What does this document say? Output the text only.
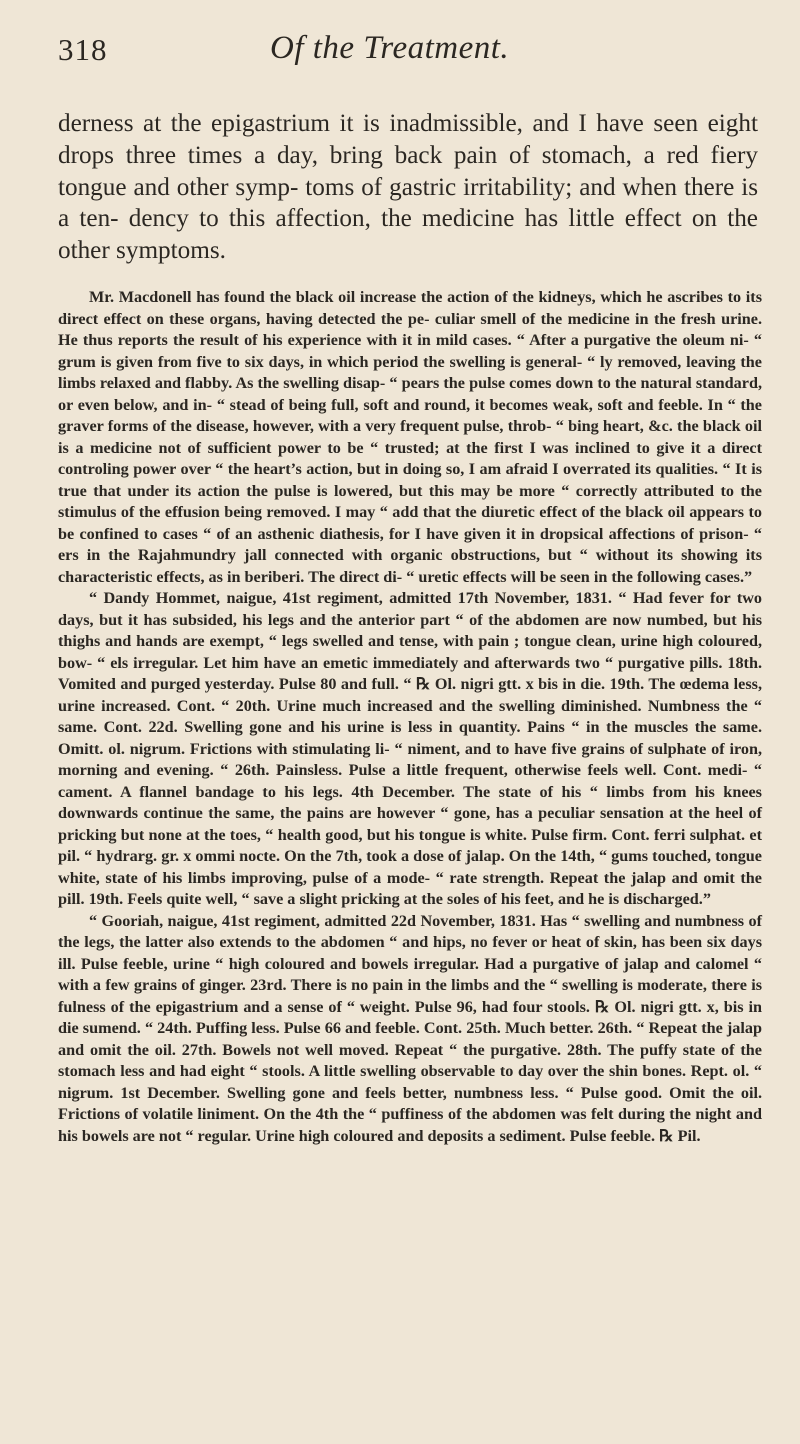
318	Of the Treatment.
derness at the epigastrium it is inadmissible, and I have seen eight drops three times a day, bring back pain of stomach, a red fiery tongue and other symp- toms of gastric irritability; and when there is a ten- dency to this affection, the medicine has little effect on the other symptoms.

Mr. Macdonell has found the black oil increase the action of the kidneys, which he ascribes to its direct effect on these organs, having detected the pe- culiar smell of the medicine in the fresh urine. He thus reports the result of his experience with it in mild cases. “ After a purgative the oleum ni- “ grum is given from five to six days, in which period the swelling is general- “ ly removed, leaving the limbs relaxed and flabby. As the swelling disap- “ pears the pulse comes down to the natural standard, or even below, and in- “ stead of being full, soft and round, it becomes weak, soft and feeble. In “ the graver forms of the disease, however, with a very frequent pulse, throb- “ bing heart, &c. the black oil is a medicine not of sufficient power to be “ trusted; at the first I was inclined to give it a direct controling power over “ the heart’s action, but in doing so, I am afraid I overrated its qualities. “ It is true that under its action the pulse is lowered, but this may be more “ correctly attributed to the stimulus of the effusion being removed. I may “ add that the diuretic effect of the black oil appears to be confined to cases “ of an asthenic diathesis, for I have given it in dropsical affections of prison- “ ers in the Rajahmundry jall connected with organic obstructions, but “ without its showing its characteristic effects, as in beriberi. The direct di- “ uretic effects will be seen in the following cases.”

“ Dandy Hommet, naigue, 41st regiment, admitted 17th November, 1831. “ Had fever for two days, but it has subsided, his legs and the anterior part “ of the abdomen are now numbed, but his thighs and hands are exempt, “ legs swelled and tense, with pain ; tongue clean, urine high coloured, bow- “ els irregular. Let him have an emetic immediately and afterwards two “ purgative pills. 18th. Vomited and purged yesterday. Pulse 80 and full. “ ℞ Ol. nigri gtt. x bis in die. 19th. The œdema less, urine increased. Cont. “ 20th. Urine much increased and the swelling diminished. Numbness the “ same. Cont. 22d. Swelling gone and his urine is less in quantity. Pains “ in the muscles the same. Omitt. ol. nigrum. Frictions with stimulating li- “ niment, and to have five grains of sulphate of iron, morning and evening. “ 26th. Painsless. Pulse a little frequent, otherwise feels well. Cont. medi- “ cament. A flannel bandage to his legs. 4th December. The state of his “ limbs from his knees downwards continue the same, the pains are however “ gone, has a peculiar sensation at the heel of pricking but none at the toes, “ health good, but his tongue is white. Pulse firm. Cont. ferri sulphat. et pil. “ hydrarg. gr. x ommi nocte. On the 7th, took a dose of jalap. On the 14th, “ gums touched, tongue white, state of his limbs improving, pulse of a mode- “ rate strength. Repeat the jalap and omit the pill. 19th. Feels quite well, “ save a slight pricking at the soles of his feet, and he is discharged.”

“ Gooriah, naigue, 41st regiment, admitted 22d November, 1831. Has “ swelling and numbness of the legs, the latter also extends to the abdomen “ and hips, no fever or heat of skin, has been six days ill. Pulse feeble, urine “ high coloured and bowels irregular. Had a purgative of jalap and calomel “ with a few grains of ginger. 23rd. There is no pain in the limbs and the “ swelling is moderate, there is fulness of the epigastrium and a sense of “ weight. Pulse 96, had four stools. ℞ Ol. nigri gtt. x, bis in die sumend. “ 24th. Puffing less. Pulse 66 and feeble. Cont. 25th. Much better. 26th. “ Repeat the jalap and omit the oil. 27th. Bowels not well moved. Repeat “ the purgative. 28th. The puffy state of the stomach less and had eight “ stools. A little swelling observable to day over the shin bones. Rept. ol. “ nigrum. 1st December. Swelling gone and feels better, numbness less. “ Pulse good. Omit the oil. Frictions of volatile liniment. On the 4th the “ puffiness of the abdomen was felt during the night and his bowels are not “ regular. Urine high coloured and deposits a sediment. Pulse feeble. ℞ Pil.
